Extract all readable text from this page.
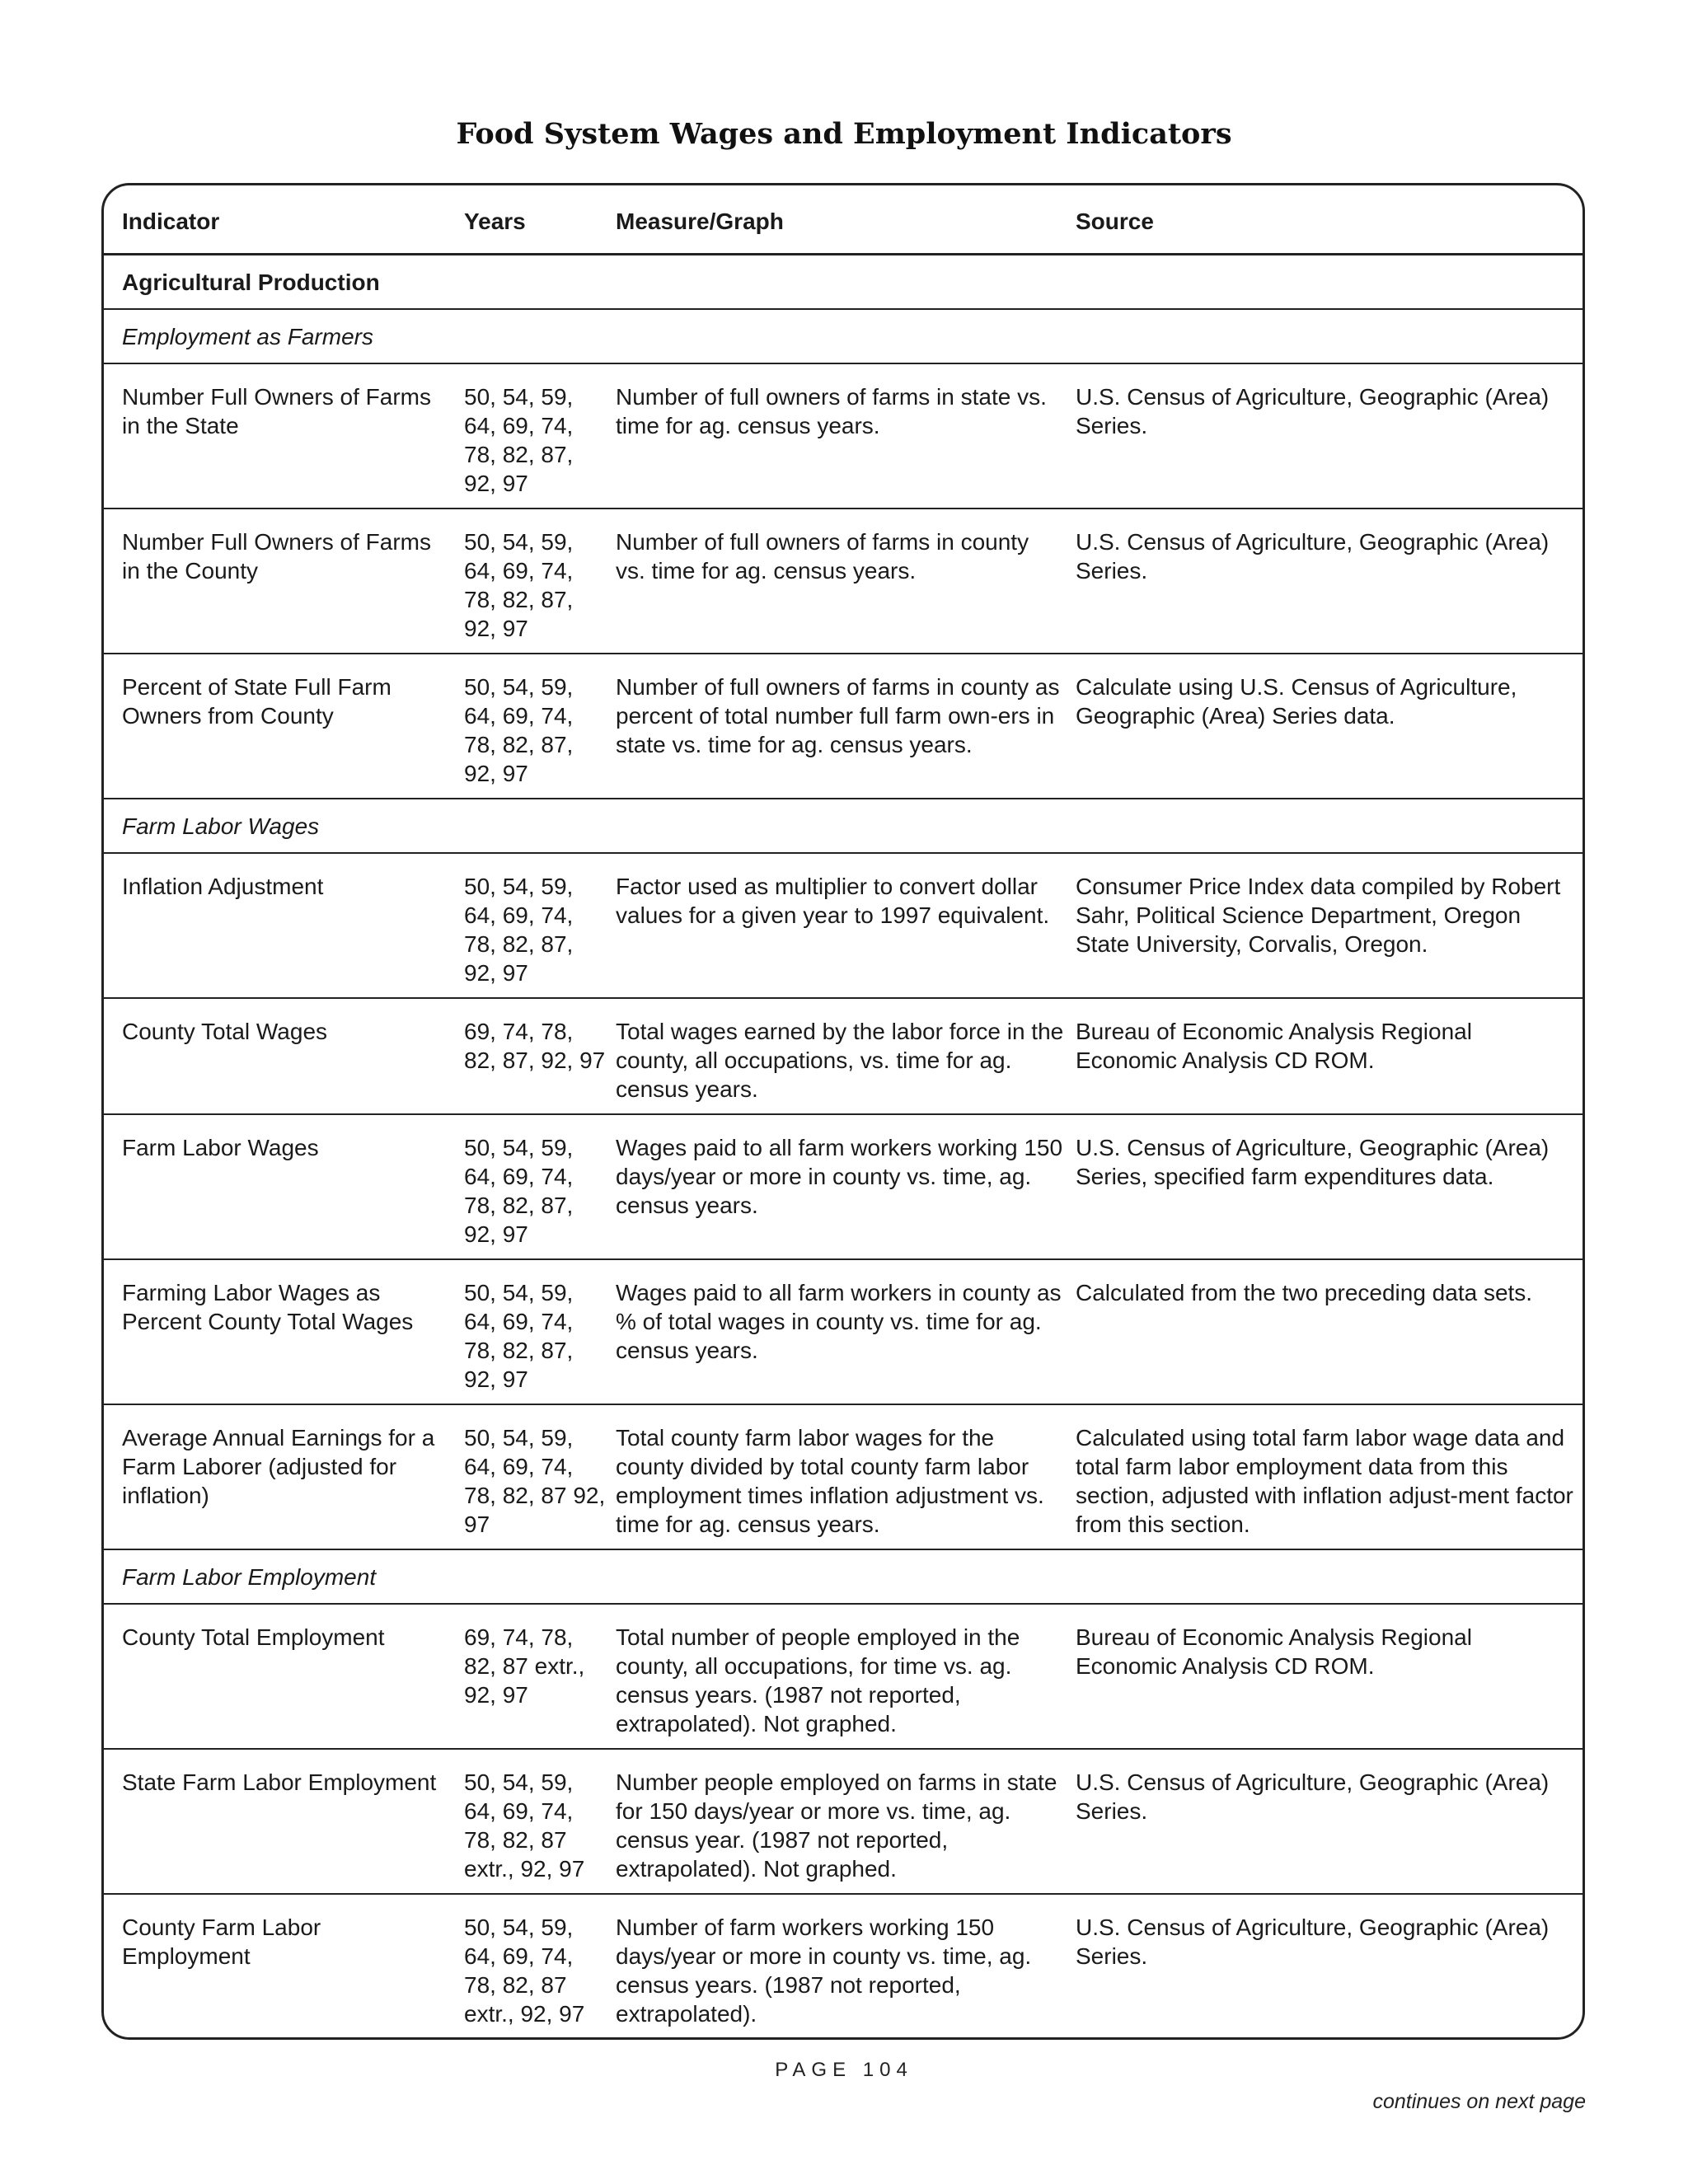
Food System Wages and Employment Indicators
Indicator	Years	Measure/Graph	Source
Agricultural Production			
Employment as Farmers			
Number Full Owners of Farms in the State	50, 54, 59, 64, 69, 74, 78, 82, 87, 92, 97	Number of full owners of farms in state vs. time for ag. census years.	U.S. Census of Agriculture, Geographic (Area) Series.
Number Full Owners of Farms in the County	50, 54, 59, 64, 69, 74, 78, 82, 87, 92, 97	Number of full owners of farms in county vs. time for ag. census years.	U.S. Census of Agriculture, Geographic (Area) Series.
Percent of State Full Farm Owners from County	50, 54, 59, 64, 69, 74, 78, 82, 87, 92, 97	Number of full owners of farms in county as percent of total number full farm own-ers in state vs. time for ag. census years.	Calculate using U.S. Census of Agriculture, Geographic (Area) Series data.
Farm Labor Wages			
Inflation Adjustment	50, 54, 59, 64, 69, 74, 78, 82, 87, 92, 97	Factor used as multiplier to convert dollar values for a given year to 1997 equivalent.	Consumer Price Index data compiled by Robert Sahr, Political Science Department, Oregon State University, Corvalis, Oregon.
County Total Wages	69, 74, 78, 82, 87, 92, 97	Total wages earned by the labor force in the county, all occupations, vs. time for ag. census years.	Bureau of Economic Analysis Regional Economic Analysis CD ROM.
Farm Labor Wages	50, 54, 59, 64, 69, 74, 78, 82, 87, 92, 97	Wages paid to all farm workers working 150 days/year or more in county vs. time, ag. census years.	U.S. Census of Agriculture, Geographic (Area) Series, specified farm expenditures data.
Farming Labor Wages as Percent County Total Wages	50, 54, 59, 64, 69, 74, 78, 82, 87, 92, 97	Wages paid to all farm workers in county as % of total wages in county vs. time for ag. census years.	Calculated from the two preceding data sets.
Average Annual Earnings for a Farm Laborer (adjusted for inflation)	50, 54, 59, 64, 69, 74, 78, 82, 87 92, 97	Total county farm labor wages for the county divided by total county farm labor employment times inflation adjustment vs. time for ag. census years.	Calculated using total farm labor wage data and total farm labor employment data from this section, adjusted with inflation adjust-ment factor from this section.
Farm Labor Employment			
County Total Employment	69, 74, 78, 82, 87 extr., 92, 97	Total number of people employed in the county, all occupations, for time vs. ag. census years. (1987 not reported, extrapolated). Not graphed.	Bureau of Economic Analysis Regional Economic Analysis CD ROM.
State Farm Labor Employment	50, 54, 59, 64, 69, 74, 78, 82, 87 extr., 92, 97	Number people employed on farms in state for 150 days/year or more vs. time, ag. census year. (1987 not reported, extrapolated). Not graphed.	U.S. Census of Agriculture, Geographic (Area) Series.
County Farm Labor Employment	50, 54, 59, 64, 69, 74, 78, 82, 87 extr., 92, 97	Number of farm workers working 150 days/year or more in county vs. time, ag. census years. (1987 not reported, extrapolated).	U.S. Census of Agriculture, Geographic (Area) Series.
PAGE 104
continues on next page
